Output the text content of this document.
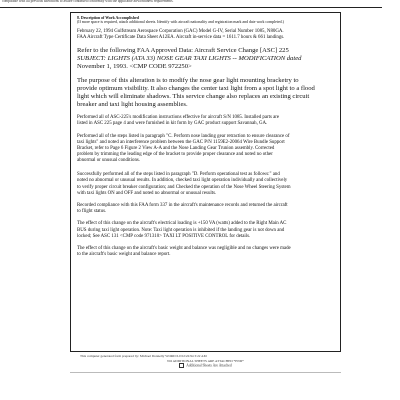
compatible with all previous alterations to assure continued conformity with the applicable airworthiness requirements.
8. Description of Work Accomplished
(If more space is required, attach additional sheets. Identify with aircraft nationality and registration mark and date work completed.)

February 22, 1994 Gulfstream Aerospace Corporation (GAC) Model G-IV, Serial Number 1085, N80GA.

FAA Aircraft Type Certificate Data Sheet A12EA. Aircraft in-service data = 1611.7 hours & 661 landings.

Refer to the following FAA Approved Data: Aircraft Service Change [ASC] 225

SUBJECT: LIGHTS (ATA 33) NOSE GEAR TAXI LIGHTS -- MODIFICATION dated

November 1, 1993. <CMP CODE 972250>

The purpose of this alteration is to modify the nose gear light mounting bracketry to

provide optimum visibility. It also changes the center taxi light from a spot light to a flood

light which will eliminate shadows. This service change also replaces an existing circuit

breaker and taxi light housing assemblies.

Performed all of ASC-225's modification instructions effective for aircraft S/N 1085. Installed parts are

listed in ASC 225 page 4 and were furnished in kit form by GAC product support Savannah, GA.

Performed all of the steps listed in paragraph "C. Perform nose landing gear retraction to ensure clearance of

taxi lights" and noted an interference problem between the GAC P/N 1159E2-20064 Wire Bundle Support

Bracket, refer to Page 6 Figure 2 View A-A and the Nose Landing Gear Trunion assembly. Corrected

problem by trimming the leading edge of the bracket to provide proper clearance and noted no other

abnormal or unusual conditions.

Successfully performed all of the steps listed in paragraph "D. Perform operational test as follows:" and

noted no abnormal or unusual results. In addition, checked taxi light operation individually and collectively

to verify proper circuit breaker configuration; and Checked the operation of the Nose Wheel Steering System

with taxi lights ON and OFF and noted no abnormal or unusual results.

Recorded compliance with this FAA form 337 in the aircraft's maintenance records and returned the aircraft

to flight status.

The effect of this change on the aircraft's electrical loading is +150 VA (watts) added to the Right Main AC

BUS during taxi light operation. Note: Taxi light operation is inhibited if the landing gear is not down and

locked; See ASC 131 <CMP code 971310> TAXI LT POSITIVE CONTROL for details.

The effect of this change on the aircraft's basic weight and balance was negligible and no changes were made

to the aircraft's basic weight and balance report.

This computer generated form prepared by: Michael Donnelly WORD 6.0 02/22/94 3:22 AM
NO ADDITIONAL SHEETS ARE ATTACHED *END*
Additional Sheets Are Attached
